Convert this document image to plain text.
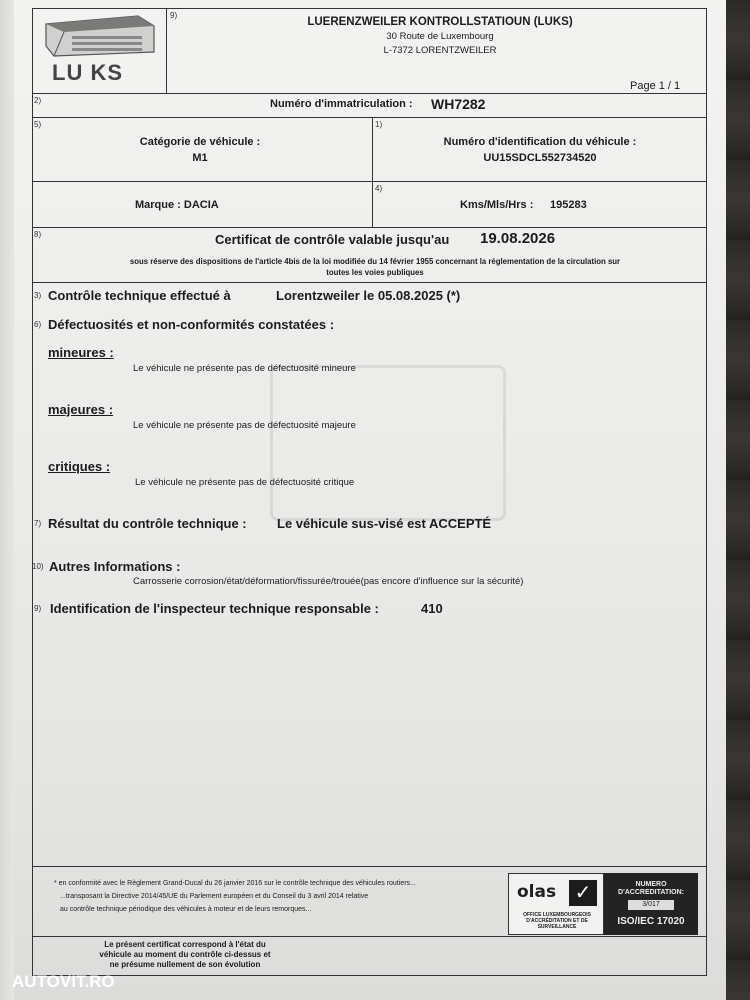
LU KS
9)
LUERENZWEILER KONTROLLSTATIOUN (LUKS)
30 Route de Luxembourg
L-7372 LORENTZWEILER
Page 1 / 1
2)	Numéro d'immatriculation : WH7282
5)
Catégorie de véhicule :
M1
1)
Numéro d'identification du véhicule :
UU15SDCL552734520
Marque : DACIA
4)
Kms/Mls/Hrs : 195283
8)	Certificat de contrôle valable jusqu'au 19.08.2026
sous réserve des dispositions de l'article 4bis de la loi modifiée du 14 février 1955 concernant la réglementation de la circulation sur
toutes les voies publiques
3) Contrôle technique effectué à	Lorentzweiler le 05.08.2025 (*)
6) Défectuosités et non-conformités constatées :
mineures :
Le véhicule ne présente pas de défectuosité mineure
majeures :
Le véhicule ne présente pas de défectuosité majeure
critiques :
Le véhicule ne présente pas de défectuosité critique
7) Résultat du contrôle technique : Le véhicule sus-visé est ACCEPTÉ
10) Autres Informations :
Carrosserie corrosion/état/déformation/fissurée/trouée(pas encore d'influence sur la sécurité)
9) Identification de l'inspecteur technique responsable :	410
* en conformité avec le Règlement Grand-Ducal du 26 janvier 2016 sur le contrôle technique des véhicules routiers...
...transposant la Directive 2014/45/UE du Parlement européen et du Conseil du 3 avril 2014 relative
au contrôle technique périodique des véhicules à moteur et de leurs remorques...
olas ✓
OFFICE LUXEMBOURGEOIS D'ACCRÉDITATION ET DE SURVEILLANCE
NUMERO D'ACCREDITATION:
3/017
ISO/IEC 17020
Le présent certificat correspond à l'état du
véhicule au moment du contrôle ci-dessus et
ne présume nullement de son évolution
AUTOVIT.RO
